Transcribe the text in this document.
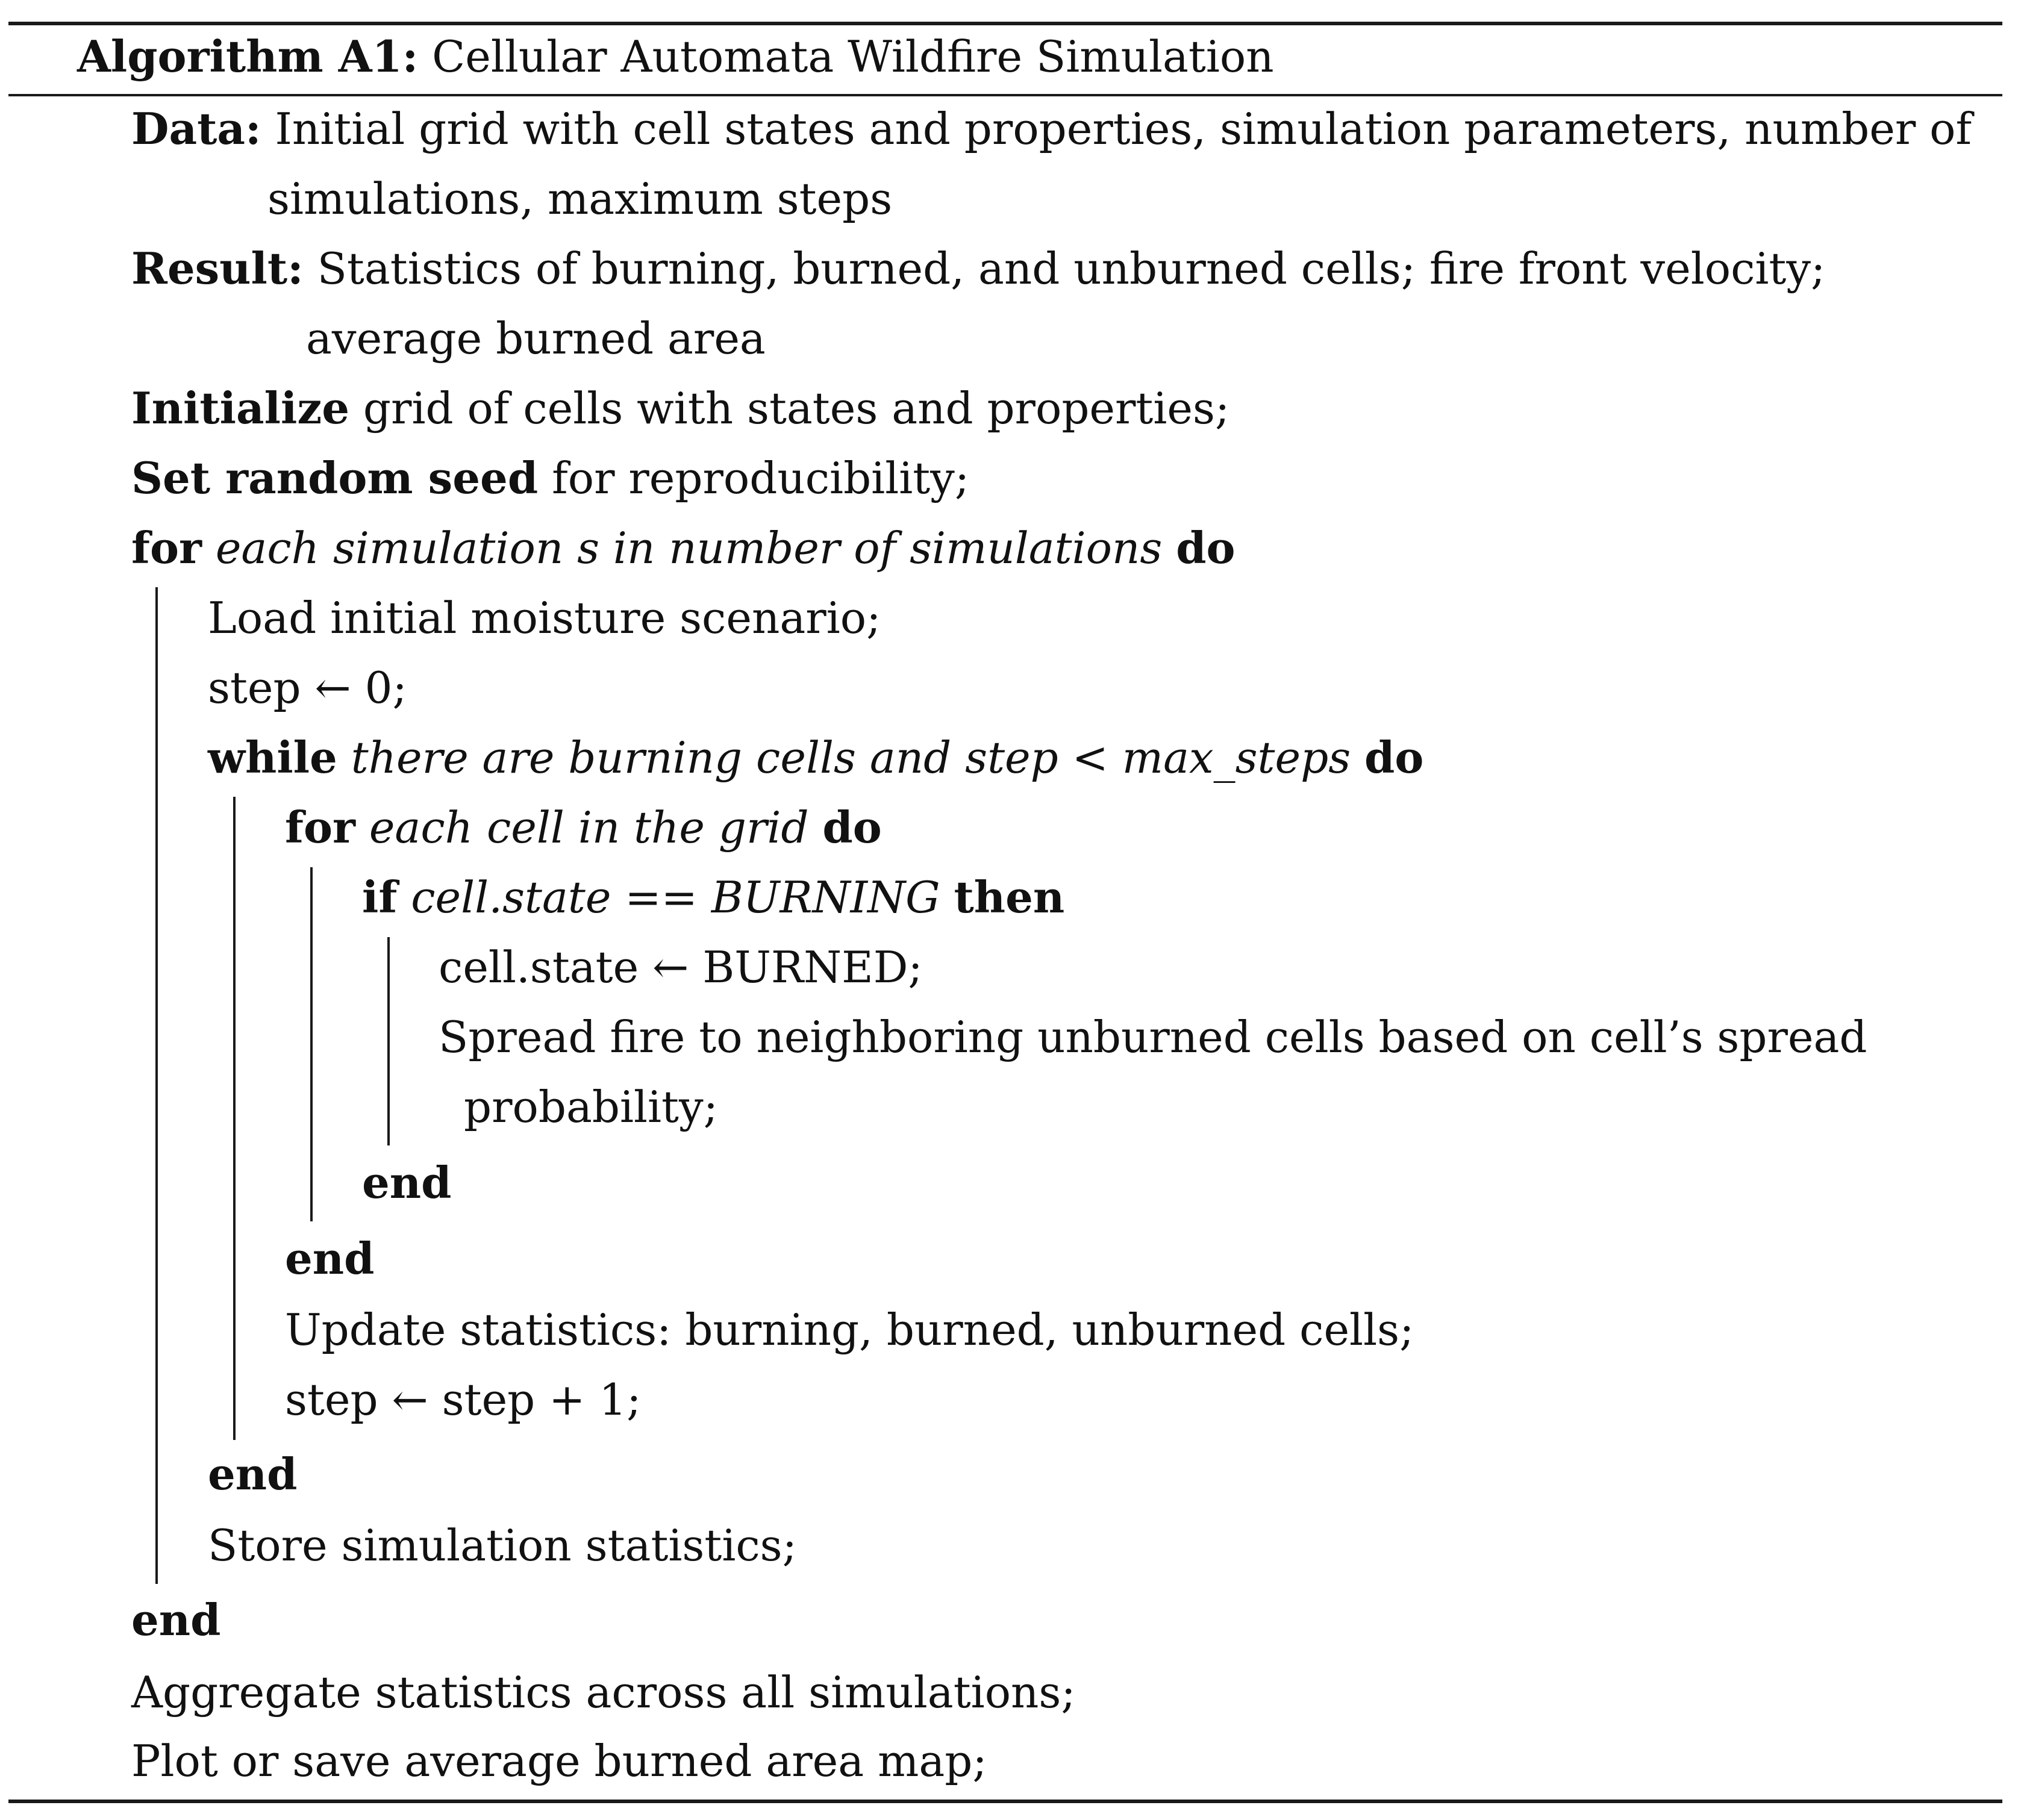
Algorithm A1: Cellular Automata Wildfire Simulation
Data: Initial grid with cell states and properties, simulation parameters, number of
simulations, maximum steps
Result: Statistics of burning, burned, and unburned cells; fire front velocity;
average burned area
Initialize grid of cells with states and properties;
Set random seed for reproducibility;
for each simulation s in number of simulations do
Load initial moisture scenario;
step ← 0;
while there are burning cells and step < max_steps do
for each cell in the grid do
if cell.state == BURNING then
cell.state ← BURNED;
Spread fire to neighboring unburned cells based on cell’s spread
probability;
end
end
Update statistics: burning, burned, unburned cells;
step ← step + 1;
end
Store simulation statistics;
end
Aggregate statistics across all simulations;
Plot or save average burned area map;
